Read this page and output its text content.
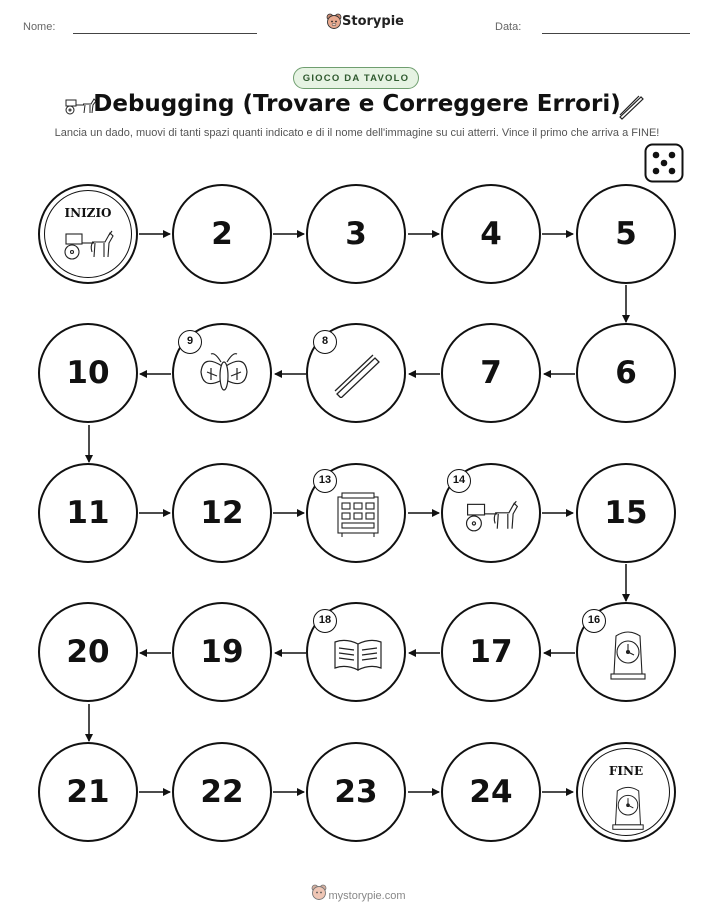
Nome:	Storypie	Data:
GIOCO DA TAVOLO
Debugging (Trovare e Correggere Errori)
Lancia un dado, muovi di tanti spazi quanti indicato e di il nome dell'immagine su cui atterri. Vince il primo che arriva a FINE!
INIZIO
2	3	4	5
10	7	6
11	12	15
20	19	17
21	22	23	24
FINE
9	8
13	14
18	16
mystorypie.com
